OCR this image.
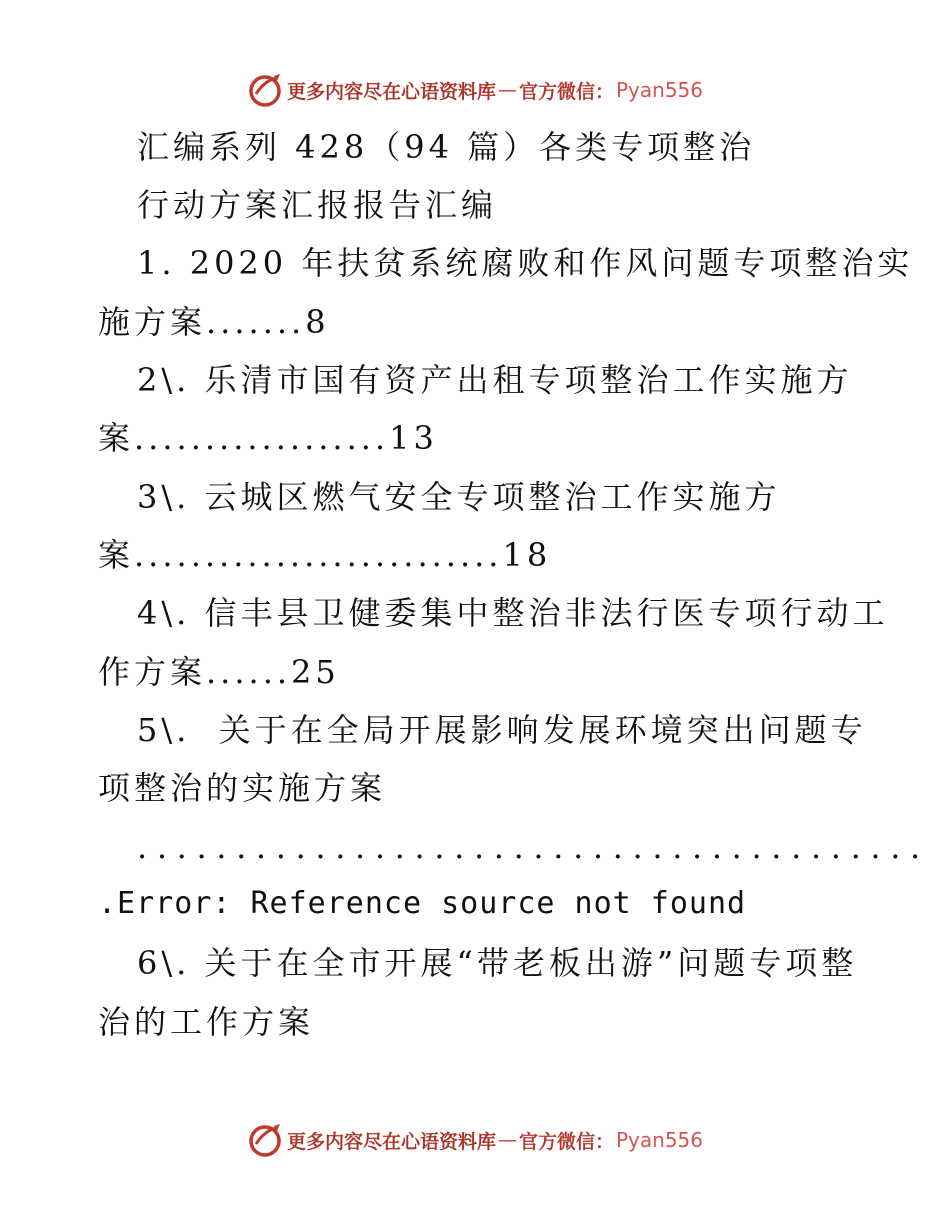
更多内容尽在心语资料库 — 官方微信： Pyan556
汇编系列 428（94 篇）各类专项整治
行动方案汇报报告汇编
1. 2020 年扶贫系统腐败和作风问题专项整治实
施方案.......8
2\. 乐清市国有资产出租专项整治工作实施方
案..................13
3\. 云城区燃气安全专项整治工作实施方
案..........................18
4\. 信丰县卫健委集中整治非法行医专项行动工
作方案......25
5\.  关于在全局开展影响发展环境突出问题专
项整治的实施方案
........................................
.Error: Reference source not found
6\. 关于在全市开展“带老板出游”问题专项整
治的工作方案
更多内容尽在心语资料库 — 官方微信： Pyan556
